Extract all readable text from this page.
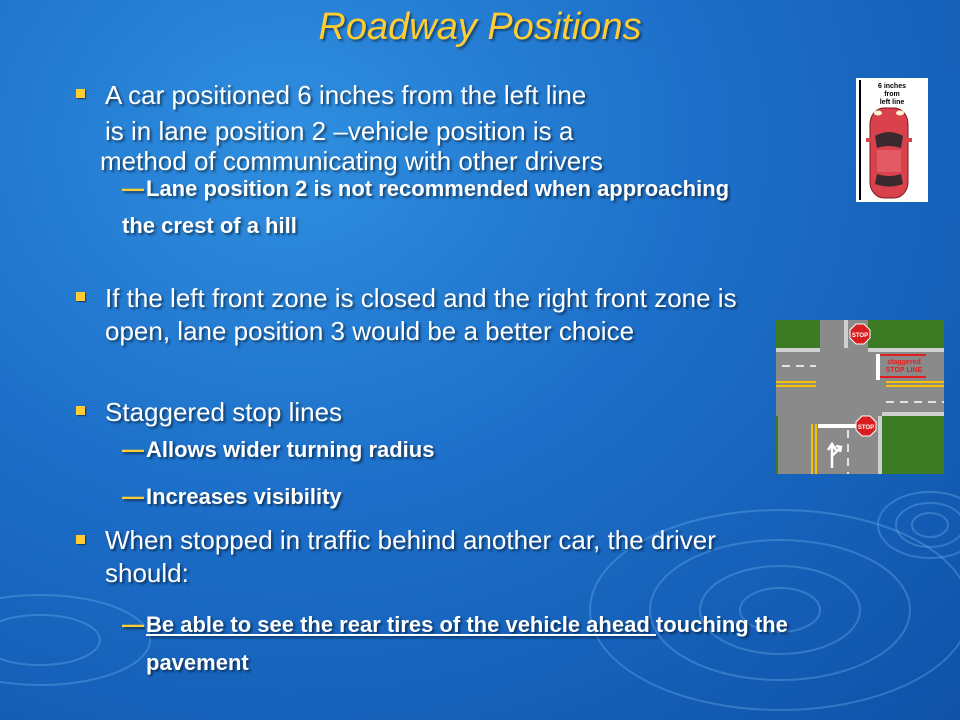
Roadway Positions
A car positioned 6 inches from the left line
is in lane position 2 –vehicle position is a
method of communicating with other drivers
—Lane position 2 is not recommended when approaching
the crest of a hill
If the left front zone is closed and the right front zone is
open, lane position 3 would be a better choice
Staggered stop lines
—Allows wider turning radius
—Increases visibility
When stopped in traffic behind another car, the driver
should:
—Be able to see the rear tires of the vehicle ahead touching the
pavement
6 inches
from
left line
staggered
STOP LINE
STOP
STOP
